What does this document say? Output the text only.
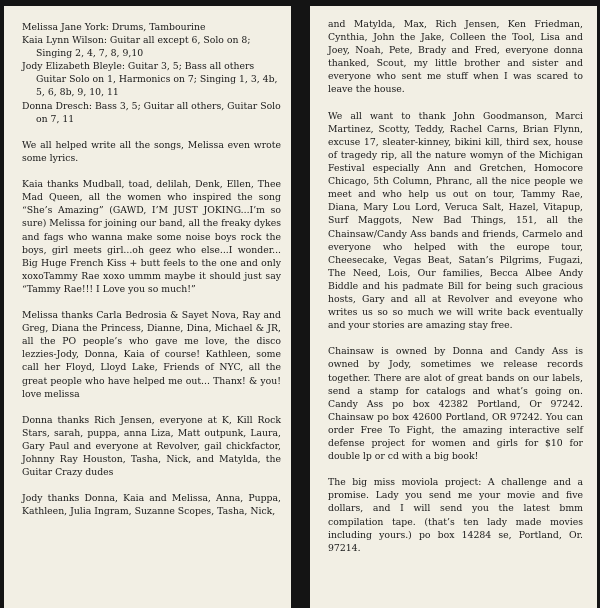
Melissa Jane York: Drums, Tambourine

Kaia Lynn Wilson: Guitar all except 6, Solo on 8; Singing 2, 4, 7, 8, 9,10

Jody Elizabeth Bleyle: Guitar 3, 5; Bass all others Guitar Solo on 1, Harmonics on 7; Singing 1, 3, 4b, 5, 6, 8b, 9, 10, 11

Donna Dresch: Bass 3, 5; Guitar all others, Guitar Solo on 7, 11

We all helped write all the songs, Melissa even wrote some lyrics.

Kaia thanks Mudball, toad, delilah, Denk, Ellen, Thee Mad Queen, all the women who inspired the song “She’s Amazing” (GAWD, I’M JUST JOKING...I’m so sure) Melissa for joining our band, all the freaky dykes and fags who wanna make some noise boys rock the boys, girl meets girl...oh geez who else...I wonder... Big Huge French Kiss + butt feels to the one and only xoxoTammy Rae xoxo ummm maybe it should just say “Tammy Rae!!! I Love you so much!”

Melissa thanks Carla Bedrosia & Sayet Nova, Ray and Greg, Diana the Princess, Dianne, Dina, Michael & JR, all the PO people’s who gave me love, the disco lezzies-Jody, Donna, Kaia of course! Kathleen, some call her Floyd, Lloyd Lake, Friends of NYC, all the great people who have helped me out... Thanx! & you! love melissa

Donna thanks Rich Jensen, everyone at K, Kill Rock Stars, sarah, puppa, anna Liza, Matt outpunk, Laura, Gary Paul and everyone at Revolver, gail chickfactor, Johnny Ray Houston, Tasha, Nick, and Matylda, the Guitar Crazy dudes

Jody thanks Donna, Kaia and Melissa, Anna, Puppa, Kathleen, Julia Ingram, Suzanne Scopes, Tasha, Nick,

and Matylda, Max, Rich Jensen, Ken Friedman, Cynthia, John the Jake, Colleen the Tool, Lisa and Joey, Noah, Pete, Brady and Fred, everyone donna thanked, Scout, my little brother and sister and everyone who sent me stuff when I was scared to leave the house.

We all want to thank John Goodmanson, Marci Martinez, Scotty, Teddy, Rachel Carns, Brian Flynn, excuse 17, sleater-kinney, bikini kill, third sex, house of tragedy rip, all the nature womyn of the Michigan Festival especially Ann and Gretchen, Homocore Chicago, 5th Column, Phranc, all the nice people we meet and who help us out on tour, Tammy Rae, Diana, Mary Lou Lord, Veruca Salt, Hazel, Vitapup, Surf Maggots, New Bad Things, 151, all the Chainsaw/Candy Ass bands and friends, Carmelo and everyone who helped with the europe tour, Cheesecake, Vegas Beat, Satan’s Pilgrims, Fugazi, The Need, Lois, Our families, Becca Albee Andy Biddle and his padmate Bill for being such gracious hosts, Gary and all at Revolver and eveyone who writes us so so much we will write back eventually and your stories are amazing stay free.

Chainsaw is owned by Donna and Candy Ass is owned by Jody, sometimes we release records together. There are alot of great bands on our labels, send a stamp for catalogs and what’s going on. Candy Ass po box 42382 Portland, Or 97242. Chainsaw po box 42600 Portland, OR 97242. You can order Free To Fight, the amazing interactive self defense project for women and girls for $10 for double lp or cd with a big book!

The big miss moviola project: A challenge and a promise. Lady you send me your movie and five dollars, and I will send you the latest bmm compilation tape. (that’s ten lady made movies including yours.) po box 14284 se, Portland, Or. 97214.
